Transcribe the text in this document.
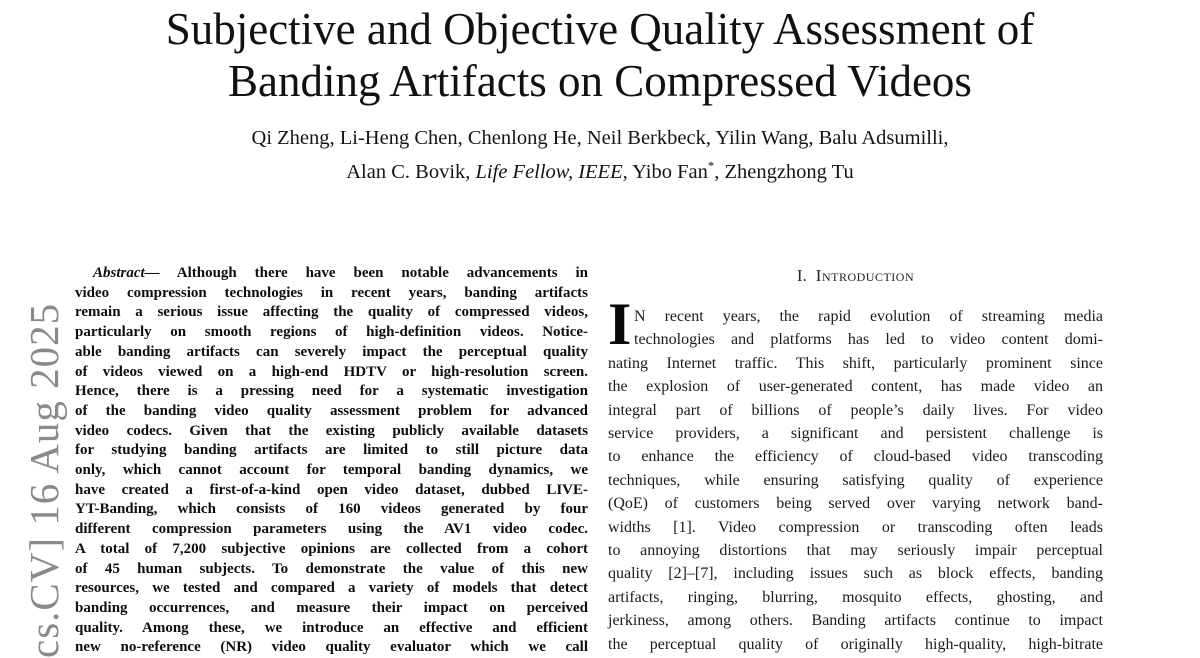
cs.CV] 16 Aug 2025
Subjective and Objective Quality Assessment of
Banding Artifacts on Compressed Videos
Qi Zheng, Li-Heng Chen, Chenlong He, Neil Berkbeck, Yilin Wang, Balu Adsumilli,
Alan C. Bovik, Life Fellow, IEEE, Yibo Fan*, Zhengzhong Tu
Abstract— Although there have been notable advancements in
video compression technologies in recent years, banding artifacts
remain a serious issue affecting the quality of compressed videos,
particularly on smooth regions of high-definition videos. Notice-
able banding artifacts can severely impact the perceptual quality
of videos viewed on a high-end HDTV or high-resolution screen.
Hence, there is a pressing need for a systematic investigation
of the banding video quality assessment problem for advanced
video codecs. Given that the existing publicly available datasets
for studying banding artifacts are limited to still picture data
only, which cannot account for temporal banding dynamics, we
have created a first-of-a-kind open video dataset, dubbed LIVE-
YT-Banding, which consists of 160 videos generated by four
different compression parameters using the AV1 video codec.
A total of 7,200 subjective opinions are collected from a cohort
of 45 human subjects. To demonstrate the value of this new
resources, we tested and compared a variety of models that detect
banding occurrences, and measure their impact on perceived
quality. Among these, we introduce an effective and efficient
new no-reference (NR) video quality evaluator which we call
I. Introduction
I N recent years, the rapid evolution of streaming media
technologies and platforms has led to video content domi-
nating Internet traffic. This shift, particularly prominent since
the explosion of user-generated content, has made video an
integral part of billions of people’s daily lives. For video
service providers, a significant and persistent challenge is
to enhance the efficiency of cloud-based video transcoding
techniques, while ensuring satisfying quality of experience
(QoE) of customers being served over varying network band-
widths [1]. Video compression or transcoding often leads
to annoying distortions that may seriously impair perceptual
quality [2]–[7], including issues such as block effects, banding
artifacts, ringing, blurring, mosquito effects, ghosting, and
jerkiness, among others. Banding artifacts continue to impact
the perceptual quality of originally high-quality, high-bitrate
